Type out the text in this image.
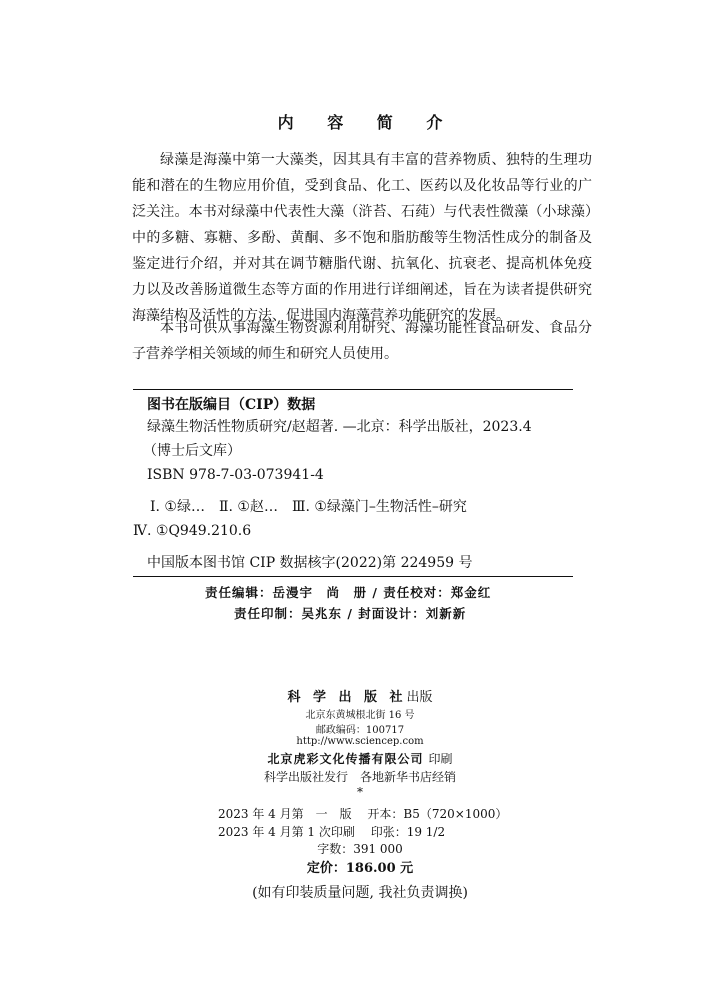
内 容 简 介

绿藻是海藻中第一大藻类，因其具有丰富的营养物质、独特的生理功能和潜在的生物应用价值，受到食品、化工、医药以及化妆品等行业的广泛关注。本书对绿藻中代表性大藻（浒苔、石莼）与代表性微藻（小球藻）中的多糖、寡糖、多酚、黄酮、多不饱和脂肪酸等生物活性成分的制备及鉴定进行介绍，并对其在调节糖脂代谢、抗氧化、抗衰老、提高机体免疫力以及改善肠道微生态等方面的作用进行详细阐述，旨在为读者提供研究海藻结构及活性的方法、促进国内海藻营养功能研究的发展。

本书可供从事海藻生物资源利用研究、海藻功能性食品研发、食品分子营养学相关领域的师生和研究人员使用。

图书在版编目（CIP）数据
绿藻生物活性物质研究/赵超著. —北京：科学出版社，2023.4
（博士后文库）
ISBN 978-7-03-073941-4
Ⅰ. ①绿…　Ⅱ. ①赵…　Ⅲ. ①绿藻门–生物活性–研究
Ⅳ. ①Q949.210.6
中国版本图书馆 CIP 数据核字(2022)第 224959 号
责任编辑：岳漫宇　尚　册 / 责任校对：郑金红
责任印制：吴兆东 / 封面设计：刘新新
科 学 出 版 社出版
北京东黄城根北街 16 号
邮政编码：100717
http://www.sciencep.com
北京虎彩文化传播有限公司 印刷
科学出版社发行　各地新华书店经销
*
2023 年 4 月第　一　版　 开本：B5（720×1000）
2023 年 4 月第 1 次印刷　 印张：19 1/2
字数：391 000
定价：186.00 元
(如有印装质量问题, 我社负责调换)
